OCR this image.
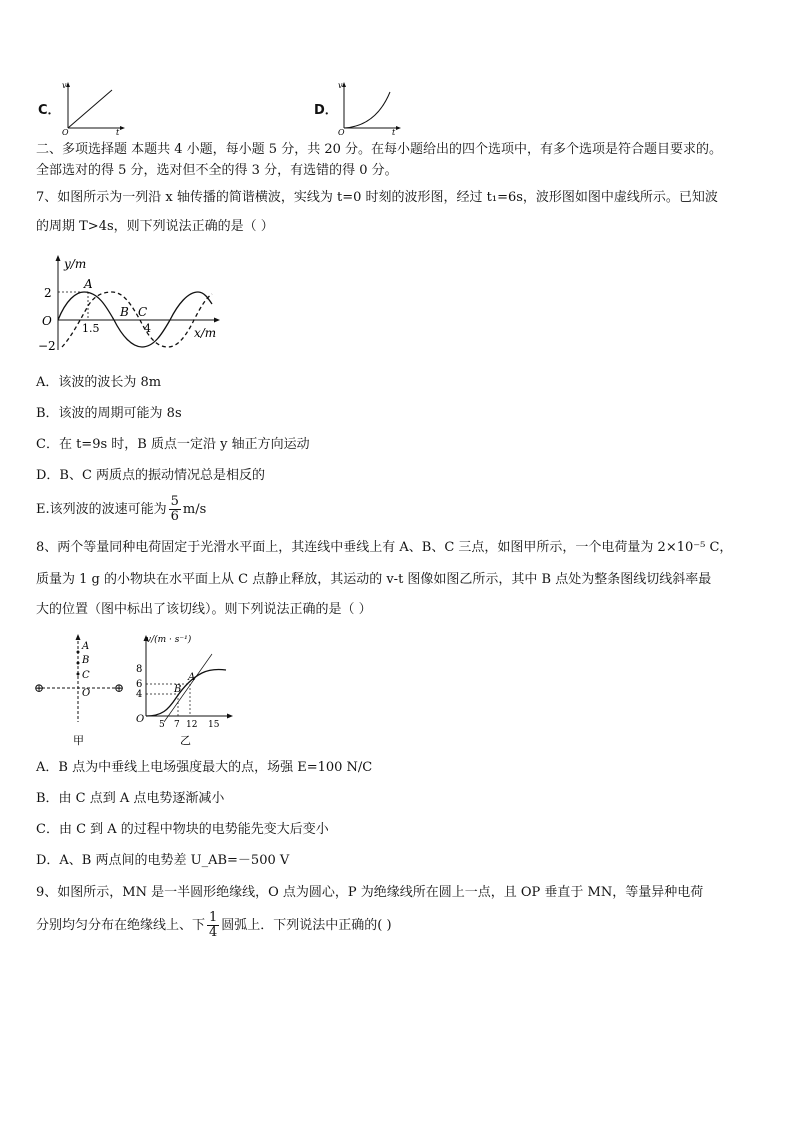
C．
v
O	t
D．
v
O	t
二、多项选择题 本题共 4 小题，每小题 5 分，共 20 分。在每小题给出的四个选项中，有多个选项是符合题目要求的。
全部选对的得 5 分，选对但不全的得 3 分，有选错的得 0 分。
7、如图所示为一列沿 x 轴传播的简谐横波，实线为 t=0 时刻的波形图，经过 t₁=6s，波形图如图中虚线所示。已知波
的周期 T>4s，则下列说法正确的是（ ）
y/m
2
O
−2
A
1.5
B C
4	x/m
A．该波的波长为 8m
B．该波的周期可能为 8s
C．在 t=9s 时，B 质点一定沿 y 轴正方向运动
D．B、C 两质点的振动情况总是相反的
E.该列波的波速可能为 $\frac{5}{6} m/s$
8、两个等量同种电荷固定于光滑水平面上，其连线中垂线上有 A、B、C 三点，如图甲所示，一个电荷量为 2×10⁻⁵ C，
质量为 1 g 的小物块在水平面上从 C 点静止释放，其运动的 v-t 图像如图乙所示，其中 B 点处为整条图线切线斜率最
大的位置（图中标出了该切线）。则下列说法正确的是（ ）
A
B
C
O
⊕	⊕
甲
v/(m · s⁻¹)
8
6
4
O
A
B
5 7 12 15
乙
A．B 点为中垂线上电场强度最大的点，场强 E=100 N/C
B．由 C 点到 A 点电势逐渐减小
C．由 C 到 A 的过程中物块的电势能先变大后变小
D．A、B 两点间的电势差 U_AB=－500 V
9、如图所示，MN 是一半圆形绝缘线，O 点为圆心，P 为绝缘线所在圆上一点，且 OP 垂直于 MN，等量异种电荷
分别均匀分布在绝缘线上、下 $\frac{1}{4}$ 圆弧上．下列说法中正确的( )
